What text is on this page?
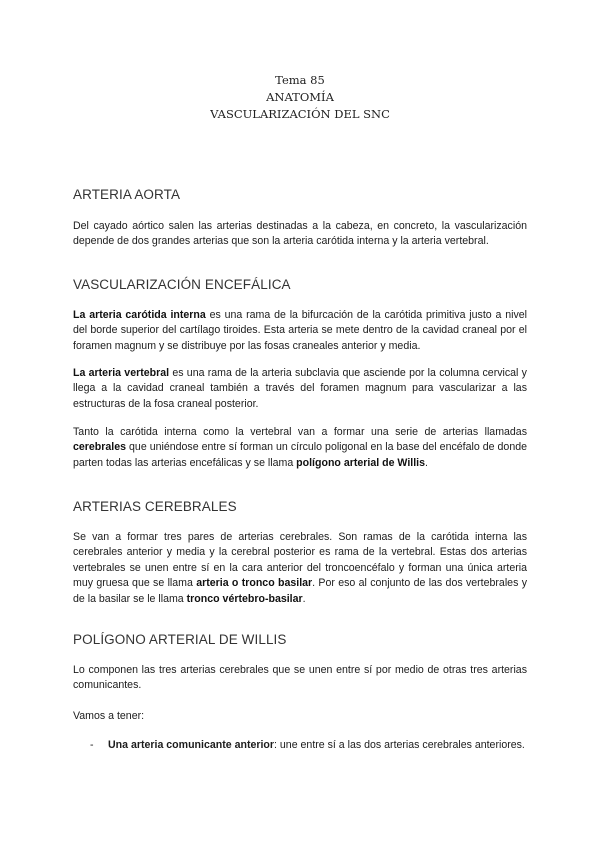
Tema 85
ANATOMÍA
VASCULARIZACIÓN DEL SNC
ARTERIA AORTA

Del cayado aórtico salen las arterias destinadas a la cabeza, en concreto, la vascularización depende de dos grandes arterias que son la arteria carótida interna y la arteria vertebral.

VASCULARIZACIÓN ENCEFÁLICA

La arteria carótida interna es una rama de la bifurcación de la carótida primitiva justo a nivel del borde superior del cartílago tiroides. Esta arteria se mete dentro de la cavidad craneal por el foramen magnum y se distribuye por las fosas craneales anterior y media.

La arteria vertebral es una rama de la arteria subclavia que asciende por la columna cervical y llega a la cavidad craneal también a través del foramen magnum para vascularizar a las estructuras de la fosa craneal posterior.

Tanto la carótida interna como la vertebral van a formar una serie de arterias llamadas cerebrales que uniéndose entre sí forman un círculo poligonal en la base del encéfalo de donde parten todas las arterias encefálicas y se llama polígono arterial de Willis.

ARTERIAS CEREBRALES

Se van a formar tres pares de arterias cerebrales. Son ramas de la carótida interna las cerebrales anterior y media y la cerebral posterior es rama de la vertebral. Estas dos arterias vertebrales se unen entre sí en la cara anterior del troncoencéfalo y forman una única arteria muy gruesa que se llama arteria o tronco basilar. Por eso al conjunto de las dos vertebrales y de la basilar se le llama tronco vértebro-basilar.

POLÍGONO ARTERIAL DE WILLIS

Lo componen las tres arterias cerebrales que se unen entre sí por medio de otras tres arterias comunicantes.

Vamos a tener:

- Una arteria comunicante anterior: une entre sí a las dos arterias cerebrales anteriores.
